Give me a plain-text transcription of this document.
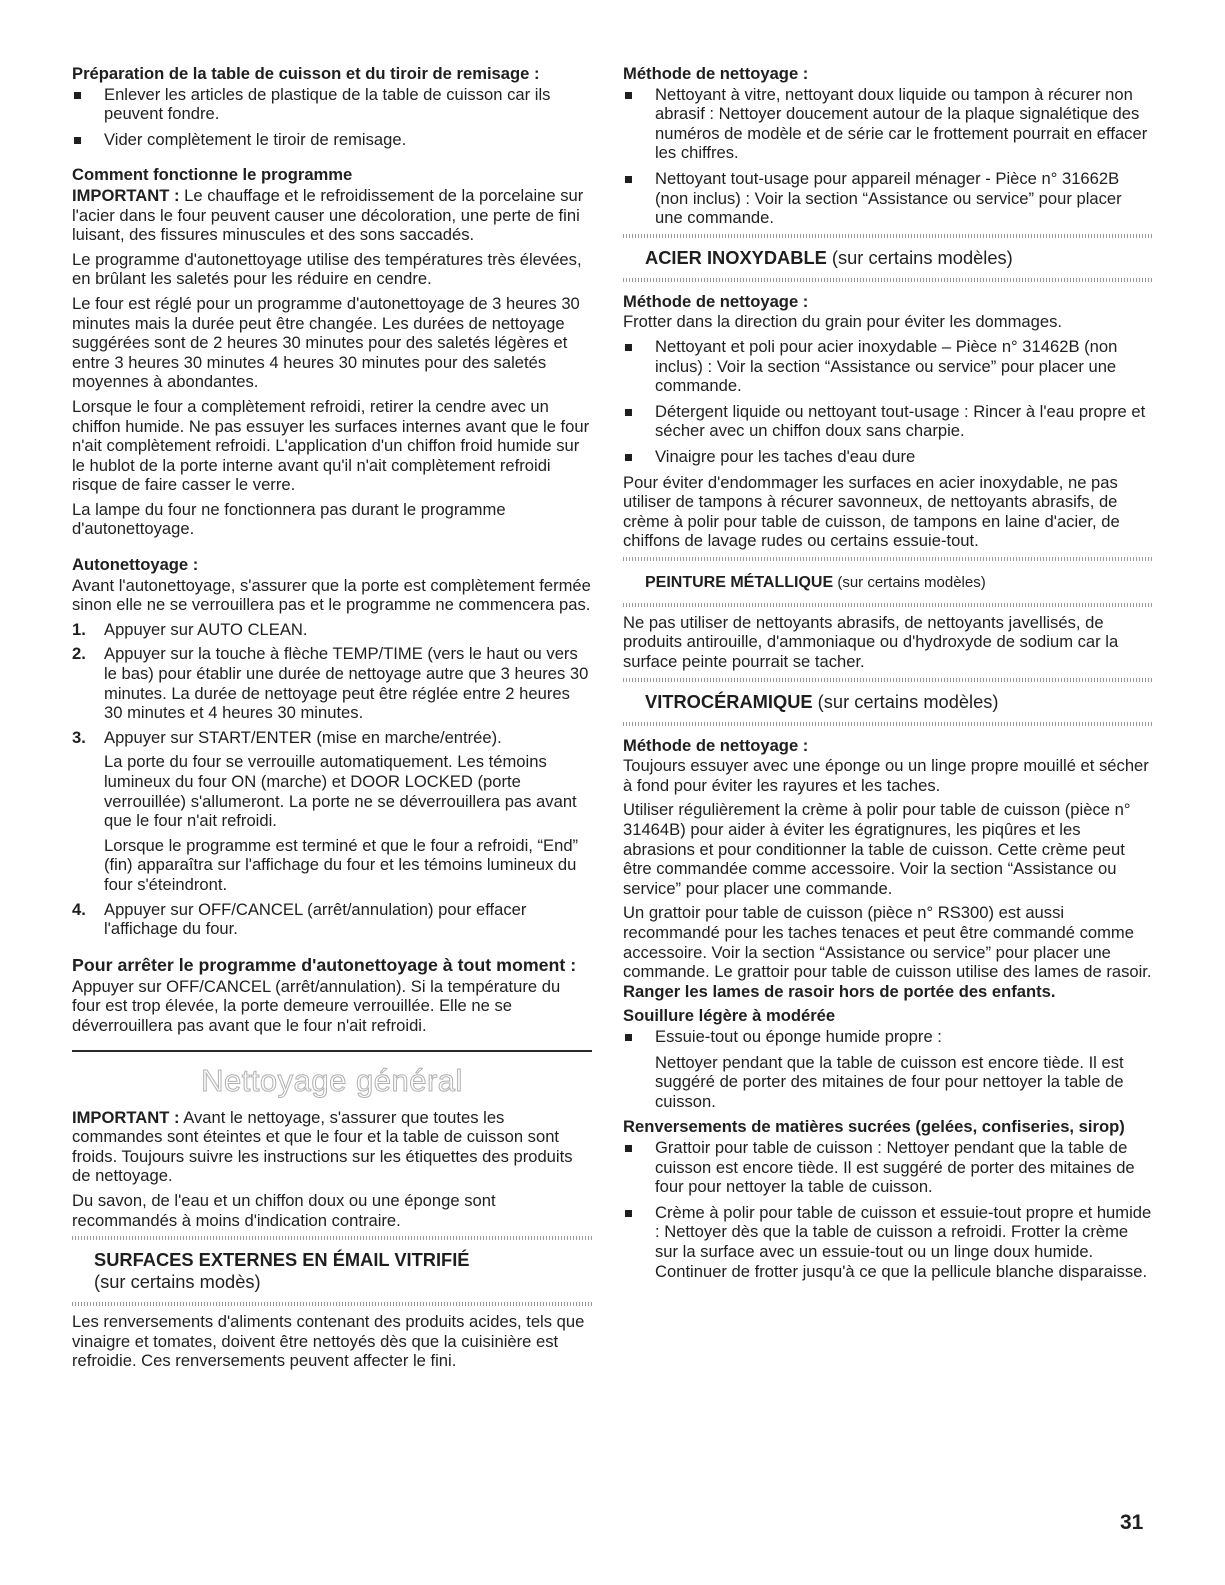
Préparation de la table de cuisson et du tiroir de remisage :
Enlever les articles de plastique de la table de cuisson car ils peuvent fondre.
Vider complètement le tiroir de remisage.
Comment fonctionne le programme

IMPORTANT : Le chauffage et le refroidissement de la porcelaine sur l'acier dans le four peuvent causer une décoloration, une perte de fini luisant, des fissures minuscules et des sons saccadés.

Le programme d'autonettoyage utilise des températures très élevées, en brûlant les saletés pour les réduire en cendre.

Le four est réglé pour un programme d'autonettoyage de 3 heures 30 minutes mais la durée peut être changée. Les durées de nettoyage suggérées sont de 2 heures 30 minutes pour des saletés légères et entre 3 heures 30 minutes 4 heures 30 minutes pour des saletés moyennes à abondantes.

Lorsque le four a complètement refroidi, retirer la cendre avec un chiffon humide. Ne pas essuyer les surfaces internes avant que le four n'ait complètement refroidi. L'application d'un chiffon froid humide sur le hublot de la porte interne avant qu'il n'ait complètement refroidi risque de faire casser le verre.

La lampe du four ne fonctionnera pas durant le programme d'autonettoyage.

Autonettoyage :

Avant l'autonettoyage, s'assurer que la porte est complètement fermée sinon elle ne se verrouillera pas et le programme ne commencera pas.

1. Appuyer sur AUTO CLEAN.
2. Appuyer sur la touche à flèche TEMP/TIME (vers le haut ou vers le bas) pour établir une durée de nettoyage autre que 3 heures 30 minutes. La durée de nettoyage peut être réglée entre 2 heures 30 minutes et 4 heures 30 minutes.
3. Appuyer sur START/ENTER (mise en marche/entrée).
La porte du four se verrouille automatiquement. Les témoins lumineux du four ON (marche) et DOOR LOCKED (porte verrouillée) s'allumeront. La porte ne se déverrouillera pas avant que le four n'ait refroidi.
Lorsque le programme est terminé et que le four a refroidi, “End” (fin) apparaîtra sur l'affichage du four et les témoins lumineux du four s'éteindront.
4. Appuyer sur OFF/CANCEL (arrêt/annulation) pour effacer l'affichage du four.
Pour arrêter le programme d'autonettoyage à tout moment :

Appuyer sur OFF/CANCEL (arrêt/annulation). Si la température du four est trop élevée, la porte demeure verrouillée. Elle ne se déverrouillera pas avant que le four n'ait refroidi.

Nettoyage général

IMPORTANT : Avant le nettoyage, s'assurer que toutes les commandes sont éteintes et que le four et la table de cuisson sont froids. Toujours suivre les instructions sur les étiquettes des produits de nettoyage.

Du savon, de l'eau et un chiffon doux ou une éponge sont recommandés à moins d'indication contraire.

SURFACES EXTERNES EN ÉMAIL VITRIFIÉ
(sur certains modès)

Les renversements d'aliments contenant des produits acides, tels que vinaigre et tomates, doivent être nettoyés dès que la cuisinière est refroidie. Ces renversements peuvent affecter le fini.

Méthode de nettoyage :
Nettoyant à vitre, nettoyant doux liquide ou tampon à récurer non abrasif : Nettoyer doucement autour de la plaque signalétique des numéros de modèle et de série car le frottement pourrait en effacer les chiffres.
Nettoyant tout-usage pour appareil ménager - Pièce n° 31662B (non inclus) : Voir la section “Assistance ou service” pour placer une commande.
ACIER INOXYDABLE (sur certains modèles)
Méthode de nettoyage :

Frotter dans la direction du grain pour éviter les dommages.

Nettoyant et poli pour acier inoxydable – Pièce n° 31462B (non inclus) : Voir la section “Assistance ou service” pour placer une commande.
Détergent liquide ou nettoyant tout-usage : Rincer à l'eau propre et sécher avec un chiffon doux sans charpie.
Vinaigre pour les taches d'eau dure

Pour éviter d'endommager les surfaces en acier inoxydable, ne pas utiliser de tampons à récurer savonneux, de nettoyants abrasifs, de crème à polir pour table de cuisson, de tampons en laine d'acier, de chiffons de lavage rudes ou certains essuie-tout.

PEINTURE MÉTALLIQUE (sur certains modèles)

Ne pas utiliser de nettoyants abrasifs, de nettoyants javellisés, de produits antirouille, d'ammoniaque ou d'hydroxyde de sodium car la surface peinte pourrait se tacher.

VITROCÉRAMIQUE (sur certains modèles)
Méthode de nettoyage :

Toujours essuyer avec une éponge ou un linge propre mouillé et sécher à fond pour éviter les rayures et les taches.

Utiliser régulièrement la crème à polir pour table de cuisson (pièce n° 31464B) pour aider à éviter les égratignures, les piqûres et les abrasions et pour conditionner la table de cuisson. Cette crème peut être commandée comme accessoire. Voir la section “Assistance ou service” pour placer une commande.

Un grattoir pour table de cuisson (pièce n° RS300) est aussi recommandé pour les taches tenaces et peut être commandé comme accessoire. Voir la section “Assistance ou service” pour placer une commande. Le grattoir pour table de cuisson utilise des lames de rasoir. Ranger les lames de rasoir hors de portée des enfants.

Souillure légère à modérée
Essuie-tout ou éponge humide propre :
Nettoyer pendant que la table de cuisson est encore tiède. Il est suggéré de porter des mitaines de four pour nettoyer la table de cuisson.
Renversements de matières sucrées (gelées, confiseries, sirop)
Grattoir pour table de cuisson : Nettoyer pendant que la table de cuisson est encore tiède. Il est suggéré de porter des mitaines de four pour nettoyer la table de cuisson.
Crème à polir pour table de cuisson et essuie-tout propre et humide : Nettoyer dès que la table de cuisson a refroidi. Frotter la crème sur la surface avec un essuie-tout ou un linge doux humide. Continuer de frotter jusqu'à ce que la pellicule blanche disparaisse.
31
